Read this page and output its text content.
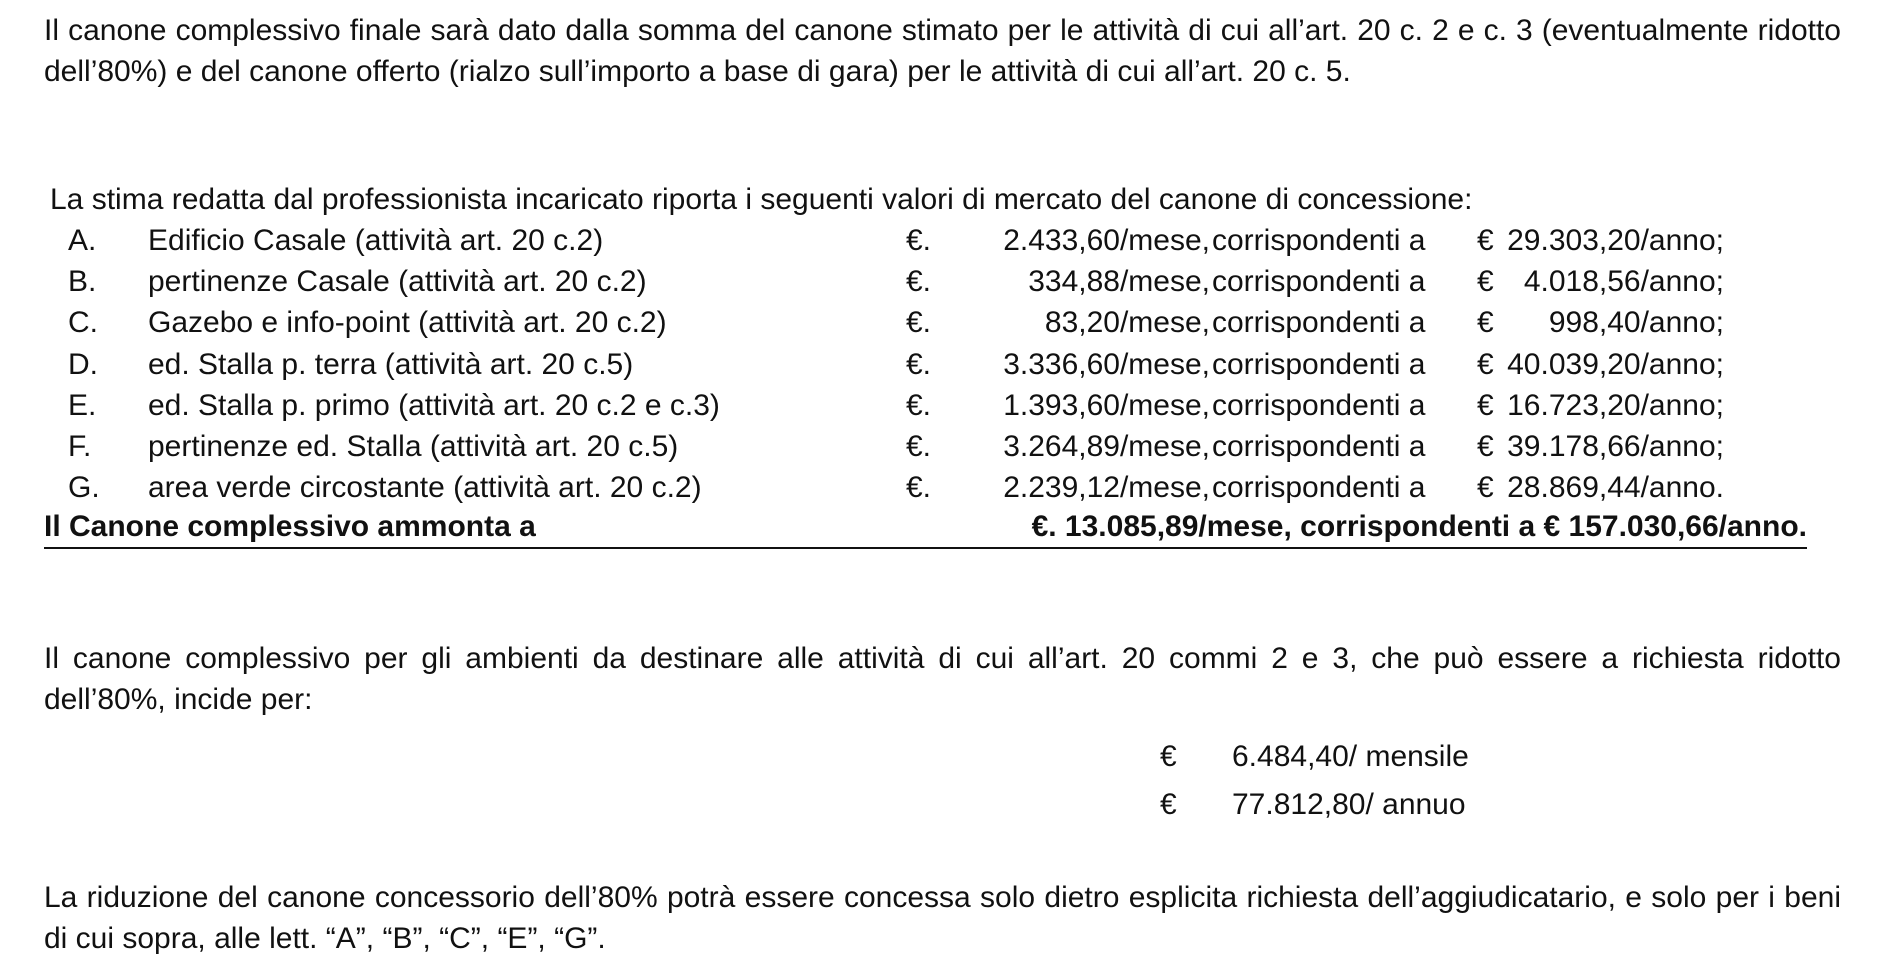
Il canone complessivo finale sarà dato dalla somma del canone stimato per le attività di cui all’art. 20 c. 2 e c. 3 (eventualmente ridotto dell’80%) e del canone offerto (rialzo sull’importo a base di gara) per le attività di cui all’art. 20 c. 5.

La stima redatta dal professionista incaricato riporta i seguenti valori di mercato del canone di concessione:
A. Edificio Casale (attività art. 20 c.2)	€.	2.433,60/mese, corrispondenti a € 29.303,20/anno;
B. pertinenze Casale (attività art. 20 c.2)	€.	334,88/mese, corrispondenti a €	4.018,56/anno;
C. Gazebo e info-point (attività art. 20 c.2)	€.	83,20/mese, corrispondenti a €	998,40/anno;
D. ed. Stalla p. terra (attività art. 20 c.5)	€.	3.336,60/mese, corrispondenti a € 40.039,20/anno;
E. ed. Stalla p. primo (attività art. 20 c.2 e c.3)	€.	1.393,60/mese, corrispondenti a € 16.723,20/anno;
F. pertinenze ed. Stalla (attività art. 20 c.5)	€.	3.264,89/mese, corrispondenti a € 39.178,66/anno;
G. area verde circostante (attività art. 20 c.2)	€.	2.239,12/mese, corrispondenti a € 28.869,44/anno.
Il Canone complessivo ammonta a	€. 13.085,89/mese, corrispondenti a € 157.030,66/anno.

Il canone complessivo per gli ambienti da destinare alle attività di cui all’art. 20 commi 2 e 3, che può essere a richiesta ridotto dell’80%, incide per:

€ 6.484,40/ mensile
€ 77.812,80/ annuo

La riduzione del canone concessorio dell’80% potrà essere concessa solo dietro esplicita richiesta dell’aggiudicatario, e solo per i beni di cui sopra, alle lett. “A”, “B”, “C”, “E”, “G”.
